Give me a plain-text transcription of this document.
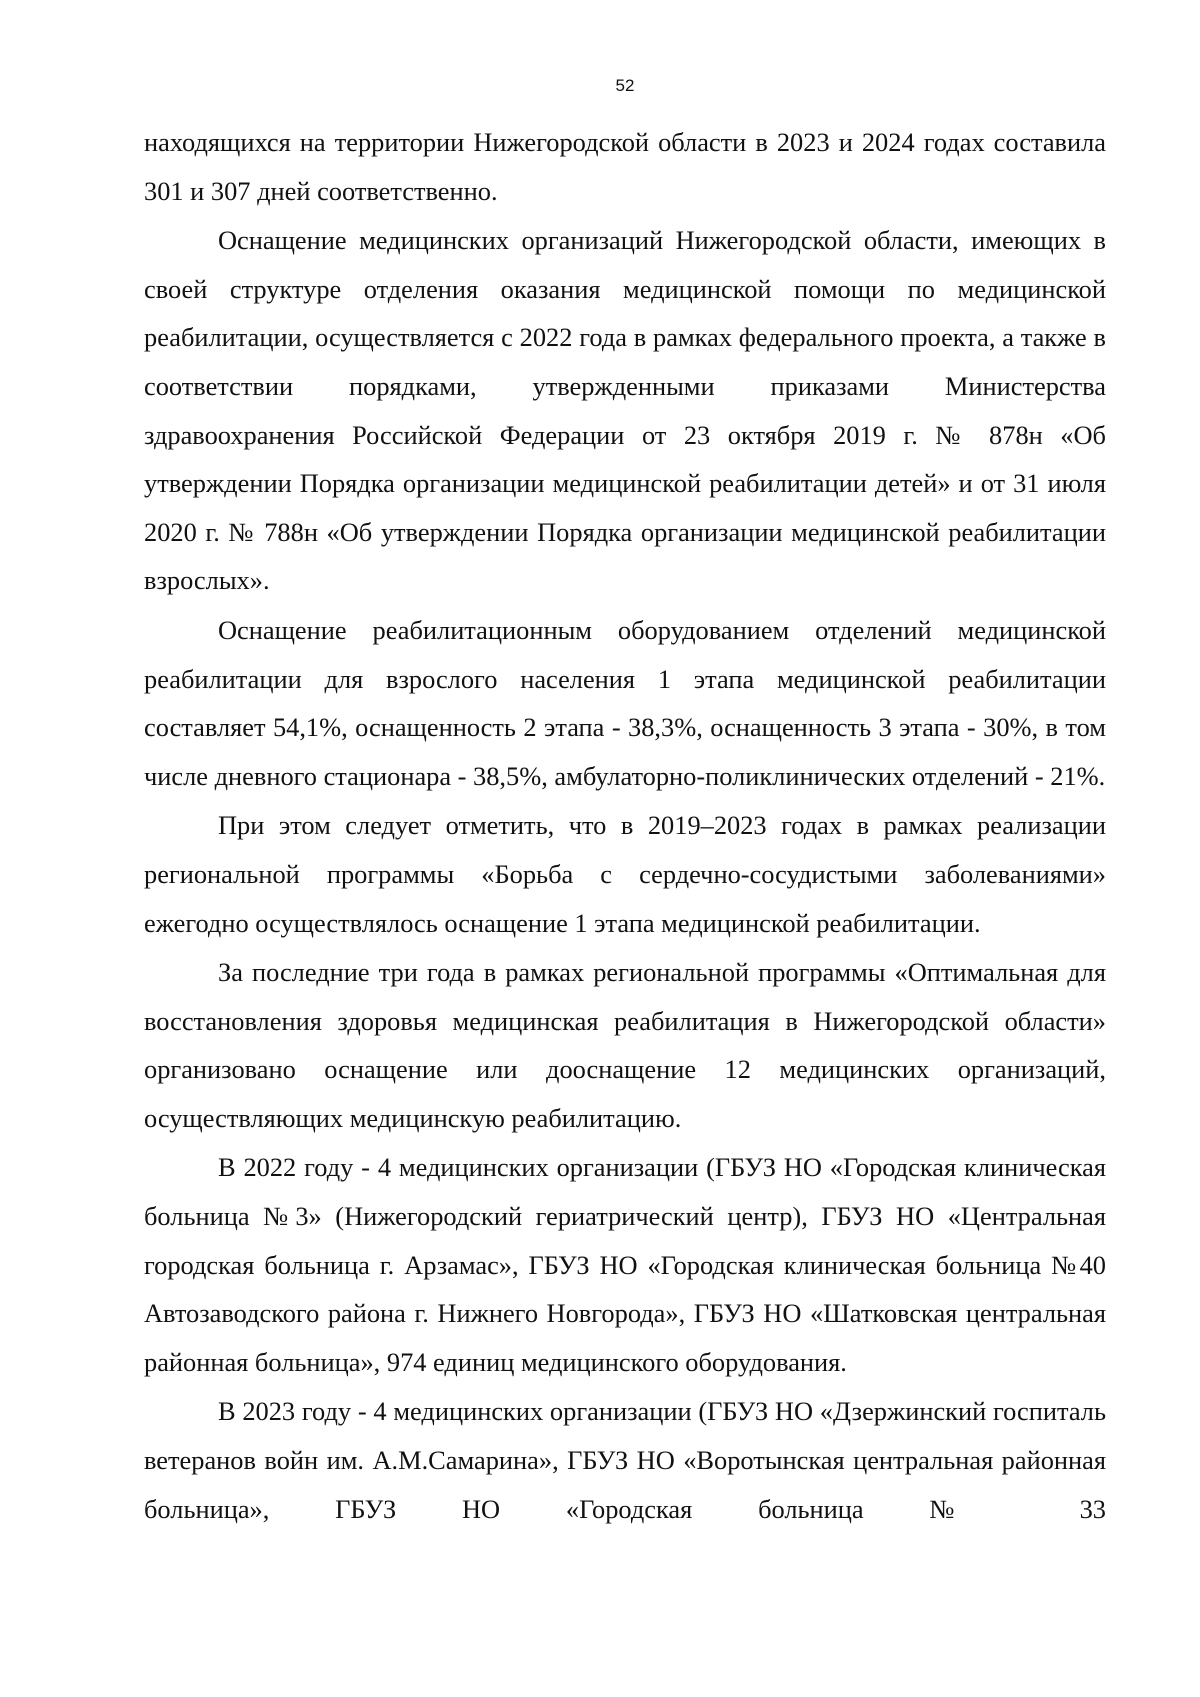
52

находящихся на территории Нижегородской области в 2023 и 2024 годах составила 301 и 307 дней соответственно.

Оснащение медицинских организаций Нижегородской области, имеющих в своей структуре отделения оказания медицинской помощи по медицинской реабилитации, осуществляется с 2022 года в рамках федерального проекта, а также в соответствии порядками, утвержденными приказами Министерства здравоохранения Российской Федерации от 23 октября 2019 г. № 878н «Об утверждении Порядка организации медицинской реабилитации детей» и от 31 июля 2020 г. № 788н «Об утверждении Порядка организации медицинской реабилитации взрослых».

Оснащение реабилитационным оборудованием отделений медицинской реабилитации для взрослого населения 1 этапа медицинской реабилитации составляет 54,1%, оснащенность 2 этапа - 38,3%, оснащенность 3 этапа - 30%, в том числе дневного стационара - 38,5%, амбулаторно-поликлинических отделений - 21%.

При этом следует отметить, что в 2019–2023 годах в рамках реализации региональной программы «Борьба с сердечно-сосудистыми заболеваниями» ежегодно осуществлялось оснащение 1 этапа медицинской реабилитации.

За последние три года в рамках региональной программы «Оптимальная для восстановления здоровья медицинская реабилитация в Нижегородской области» организовано оснащение или дооснащение 12 медицинских организаций, осуществляющих медицинскую реабилитацию.

В 2022 году - 4 медицинских организации (ГБУЗ НО «Городская клиническая больница №3» (Нижегородский гериатрический центр), ГБУЗ НО «Центральная городская больница г. Арзамас», ГБУЗ НО «Городская клиническая больница №40 Автозаводского района г. Нижнего Новгорода», ГБУЗ НО «Шатковская центральная районная больница», 974 единиц медицинского оборудования.

В 2023 году - 4 медицинских организации (ГБУЗ НО «Дзержинский госпиталь ветеранов войн им. А.М.Самарина», ГБУЗ НО «Воротынская центральная районная больница», ГБУЗ НО «Городская больница № 33
